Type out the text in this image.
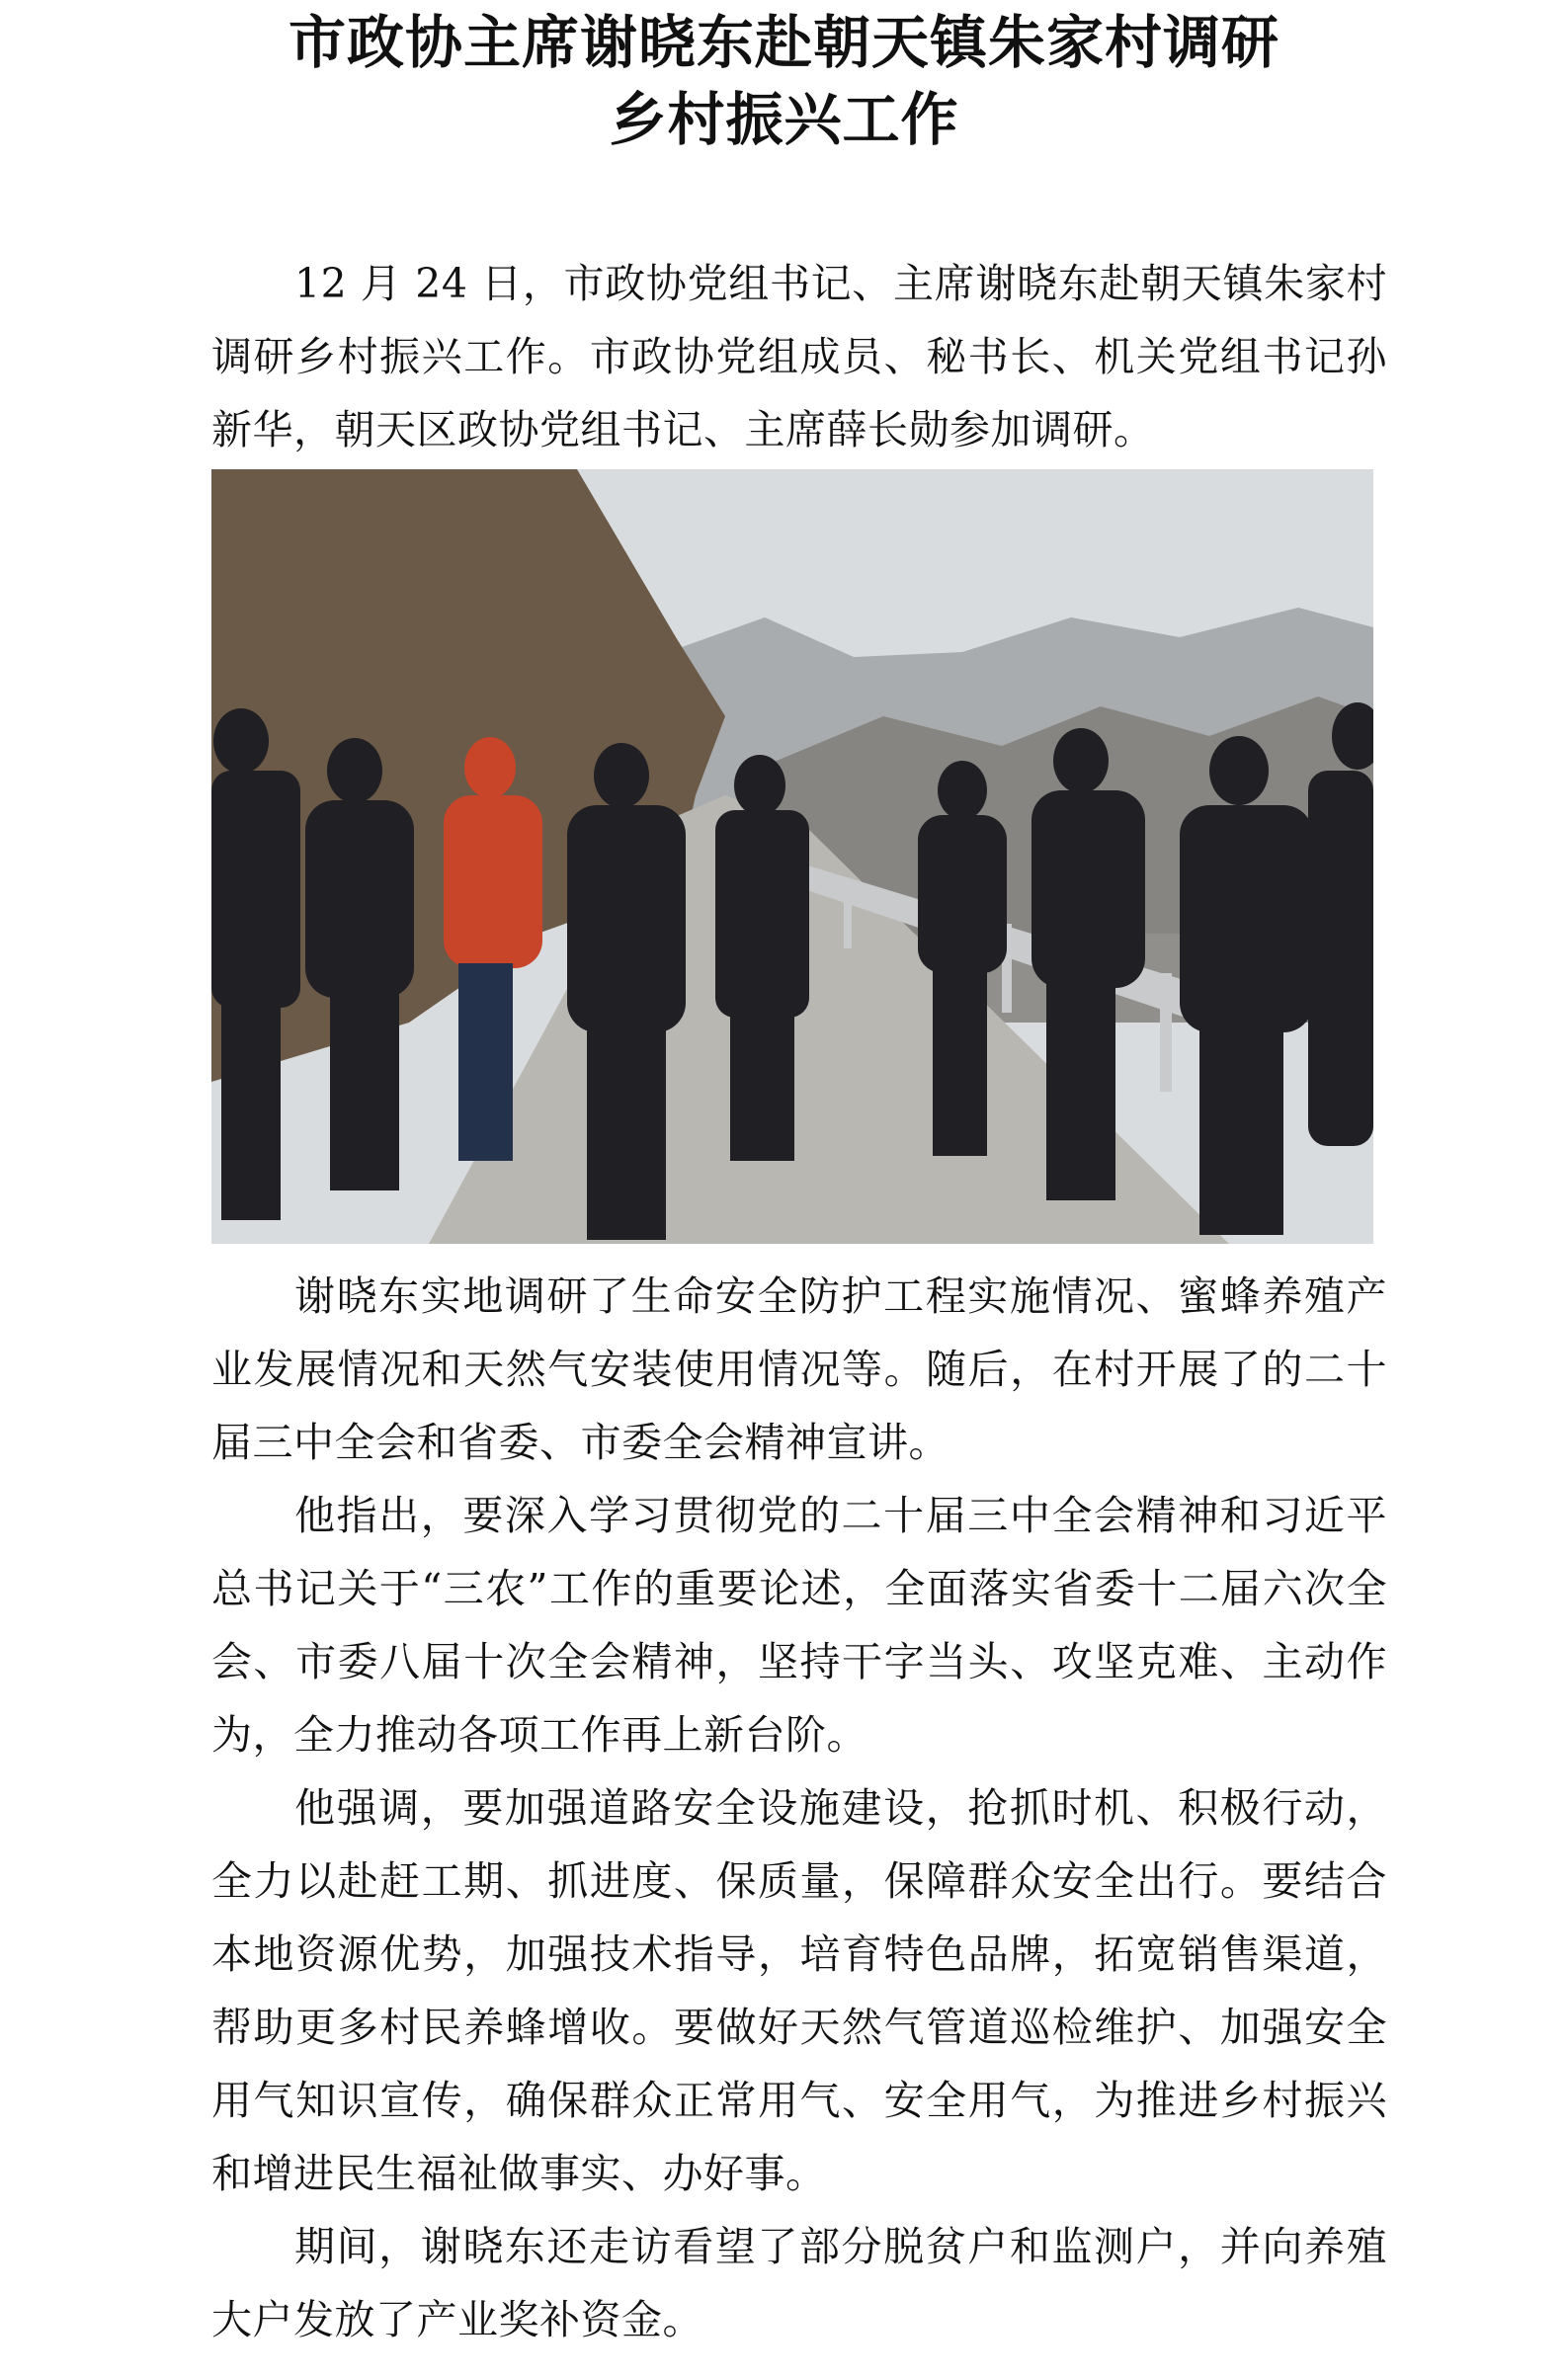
市政协主席谢晓东赴朝天镇朱家村调研
乡村振兴工作

12 月 24 日，市政协党组书记、主席谢晓东赴朝天镇朱家村调研乡村振兴工作。市政协党组成员、秘书长、机关党组书记孙新华，朝天区政协党组书记、主席薛长勋参加调研。

谢晓东实地调研了生命安全防护工程实施情况、蜜蜂养殖产业发展情况和天然气安装使用情况等。随后，在村开展了的二十届三中全会和省委、市委全会精神宣讲。

他指出，要深入学习贯彻党的二十届三中全会精神和习近平总书记关于“三农”工作的重要论述，全面落实省委十二届六次全会、市委八届十次全会精神，坚持干字当头、攻坚克难、主动作为，全力推动各项工作再上新台阶。

他强调，要加强道路安全设施建设，抢抓时机、积极行动，全力以赴赶工期、抓进度、保质量，保障群众安全出行。要结合本地资源优势，加强技术指导，培育特色品牌，拓宽销售渠道，帮助更多村民养蜂增收。要做好天然气管道巡检维护、加强安全用气知识宣传，确保群众正常用气、安全用气，为推进乡村振兴和增进民生福祉做事实、办好事。

期间，谢晓东还走访看望了部分脱贫户和监测户，并向养殖大户发放了产业奖补资金。
